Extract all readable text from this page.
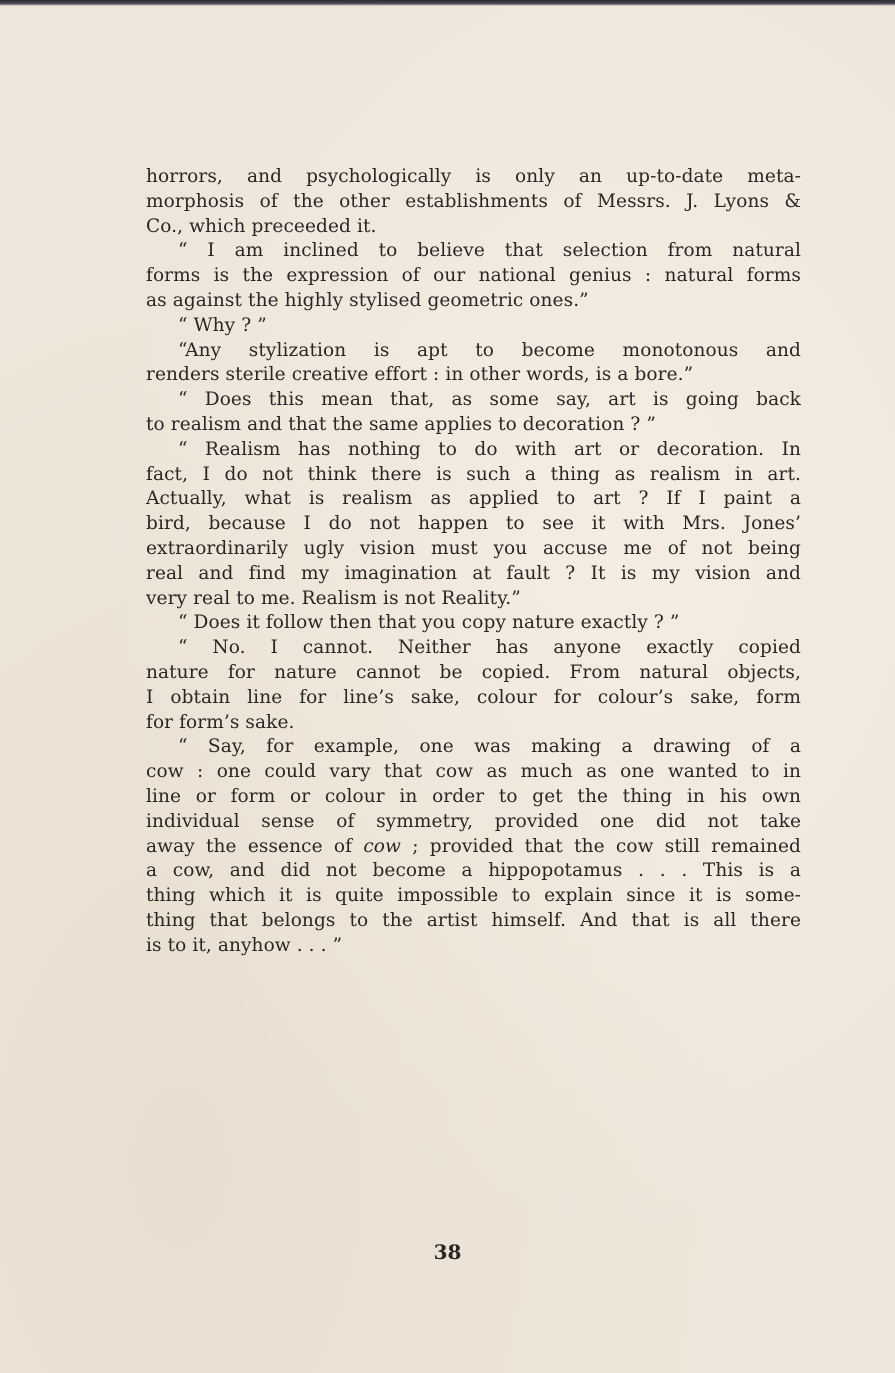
horrors, and psychologically is only an up-to-date meta-
morphosis of the other establishments of Messrs. J. Lyons &
Co., which preceeded it.
“ I am inclined to believe that selection from natural
forms is the expression of our national genius : natural forms
as against the highly stylised geometric ones.”
“ Why ? ”
“Any stylization is apt to become monotonous and
renders sterile creative effort : in other words, is a bore.”
“ Does this mean that, as some say, art is going back
to realism and that the same applies to decoration ? ”
“ Realism has nothing to do with art or decoration. In
fact, I do not think there is such a thing as realism in art.
Actually, what is realism as applied to art ? If I paint a
bird, because I do not happen to see it with Mrs. Jones’
extraordinarily ugly vision must you accuse me of not being
real and find my imagination at fault ? It is my vision and
very real to me. Realism is not Reality.”
“ Does it follow then that you copy nature exactly ? ”
“ No. I cannot. Neither has anyone exactly copied
nature for nature cannot be copied. From natural objects,
I obtain line for line’s sake, colour for colour’s sake, form
for form’s sake.
“ Say, for example, one was making a drawing of a
cow : one could vary that cow as much as one wanted to in
line or form or colour in order to get the thing in his own
individual sense of symmetry, provided one did not take
away the essence of cow ; provided that the cow still remained
a cow, and did not become a hippopotamus . . . This is a
thing which it is quite impossible to explain since it is some-
thing that belongs to the artist himself. And that is all there
is to it, anyhow . . . ”
38
